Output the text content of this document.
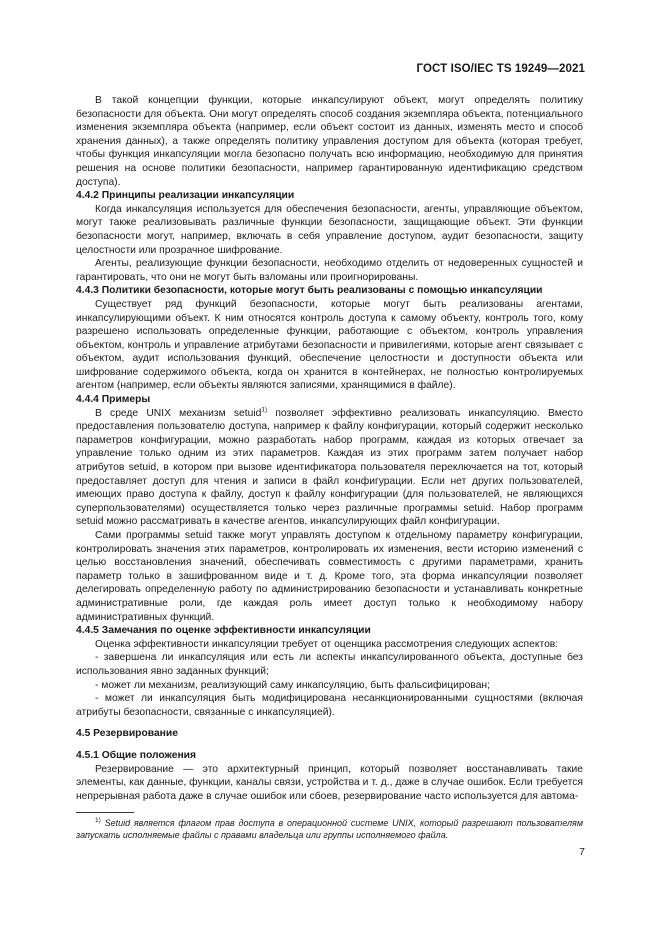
ГОСТ ISO/IEC TS 19249—2021

В такой концепции функции, которые инкапсулируют объект, могут определять политику безопасности для объекта. Они могут определять способ создания экземпляра объекта, потенциального изменения экземпляра объекта (например, если объект состоит из данных, изменять место и способ хранения данных), а также определять политику управления доступом для объекта (которая требует, чтобы функция инкапсуляции могла безопасно получать всю информацию, необходимую для принятия решения на основе политики безопасности, например гарантированную идентификацию средством доступа).

4.4.2 Принципы реализации инкапсуляции

Когда инкапсуляция используется для обеспечения безопасности, агенты, управляющие объектом, могут также реализовывать различные функции безопасности, защищающие объект. Эти функции безопасности могут, например, включать в себя управление доступом, аудит безопасности, защиту целостности или прозрачное шифрование.

Агенты, реализующие функции безопасности, необходимо отделить от недоверенных сущностей и гарантировать, что они не могут быть взломаны или проигнорированы.

4.4.3 Политики безопасности, которые могут быть реализованы с помощью инкапсуляции

Существует ряд функций безопасности, которые могут быть реализованы агентами, инкапсулирующими объект. К ним относятся контроль доступа к самому объекту, контроль того, кому разрешено использовать определенные функции, работающие с объектом, контроль управления объектом, контроль и управление атрибутами безопасности и привилегиями, которые агент связывает с объектом, аудит использования функций, обеспечение целостности и доступности объекта или шифрование содержимого объекта, когда он хранится в контейнерах, не полностью контролируемых агентом (например, если объекты являются записями, хранящимися в файле).

4.4.4 Примеры

В среде UNIX механизм setuid$^{1)}$ позволяет эффективно реализовать инкапсуляцию. Вместо предоставления пользователю доступа, например к файлу конфигурации, который содержит несколько параметров конфигурации, можно разработать набор программ, каждая из которых отвечает за управление только одним из этих параметров. Каждая из этих программ затем получает набор атрибутов setuid, в котором при вызове идентификатора пользователя переключается на тот, который предоставляет доступ для чтения и записи в файл конфигурации. Если нет других пользователей, имеющих право доступа к файлу, доступ к файлу конфигурации (для пользователей, не являющихся суперпользователями) осуществляется только через различные программы setuid. Набор программ setuid можно рассматривать в качестве агентов, инкапсулирующих файл конфигурации.

Сами программы setuid также могут управлять доступом к отдельному параметру конфигурации, контролировать значения этих параметров, контролировать их изменения, вести историю изменений с целью восстановления значений, обеспечивать совместимость с другими параметрами, хранить параметр только в зашифрованном виде и т. д. Кроме того, эта форма инкапсуляции позволяет делегировать определенную работу по администрированию безопасности и устанавливать конкретные административные роли, где каждая роль имеет доступ только к необходимому набору административных функций.

4.4.5 Замечания по оценке эффективности инкапсуляции

Оценка эффективности инкапсуляции требует от оценщика рассмотрения следующих аспектов:

- завершена ли инкапсуляция или есть ли аспекты инкапсулированного объекта, доступные без использования явно заданных функций;

- может ли механизм, реализующий саму инкапсуляцию, быть фальсифицирован;

- может ли инкапсуляция быть модифицирована несанкционированными сущностями (включая атрибуты безопасности, связанные с инкапсуляцией).

4.5 Резервирование
4.5.1 Общие положения

Резервирование — это архитектурный принцип, который позволяет восстанавливать такие элементы, как данные, функции, каналы связи, устройства и т. д., даже в случае ошибок. Если требуется непрерывная работа даже в случае ошибок или сбоев, резервирование часто используется для автома-

$^{1)}$ Setuid является флагом прав доступа в операционной системе UNIX, который разрешают пользователям запускать исполняемые файлы с правами владельца или группы исполняемого файла.
7
